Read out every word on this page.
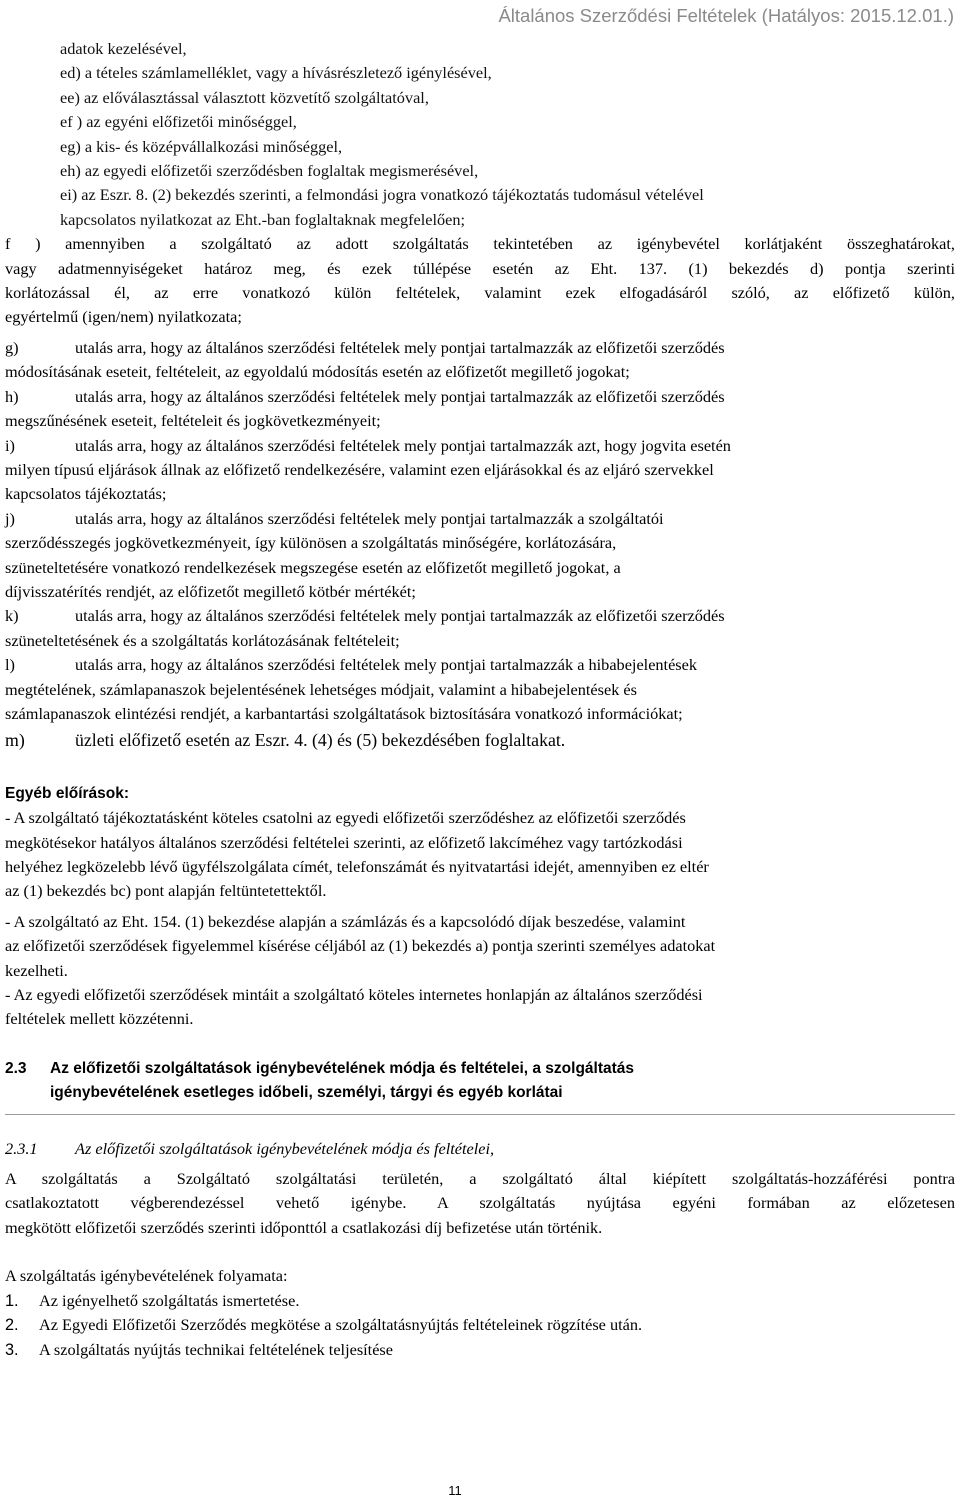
Általános Szerződési Feltételek (Hatályos: 2015.12.01.)
adatok kezelésével,
ed) a tételes számlamelléklet, vagy a hívásrészletező igénylésével,
ee) az előválasztással választott közvetítő szolgáltatóval,
ef ) az egyéni előfizetői minőséggel,
eg) a kis- és középvállalkozási minőséggel,
eh) az egyedi előfizetői szerződésben foglaltak megismerésével,
ei) az Eszr. 8. (2) bekezdés szerinti, a felmondási jogra vonatkozó tájékoztatás tudomásul vételével
kapcsolatos nyilatkozat az Eht.-ban foglaltaknak megfelelően;
f ) amennyiben a szolgáltató az adott szolgáltatás tekintetében az igénybevétel korlátjaként összeghatárokat,
vagy adatmennyiségeket határoz meg, és ezek túllépése esetén az Eht. 137. (1) bekezdés d) pontja szerinti
korlátozással él, az erre vonatkozó külön feltételek, valamint ezek elfogadásáról szóló, az előfizető külön,
egyértelmű (igen/nem) nyilatkozata;
g)	utalás arra, hogy az általános szerződési feltételek mely pontjai tartalmazzák az előfizetői szerződés
módosításának eseteit, feltételeit, az egyoldalú módosítás esetén az előfizetőt megillető jogokat;
h)	utalás arra, hogy az általános szerződési feltételek mely pontjai tartalmazzák az előfizetői szerződés
megszűnésének eseteit, feltételeit és jogkövetkezményeit;
i)	utalás arra, hogy az általános szerződési feltételek mely pontjai tartalmazzák azt, hogy jogvita esetén
milyen típusú eljárások állnak az előfizető rendelkezésére, valamint ezen eljárásokkal és az eljáró szervekkel
kapcsolatos tájékoztatás;
j)	utalás arra, hogy az általános szerződési feltételek mely pontjai tartalmazzák a szolgáltatói
szerződésszegés jogkövetkezményeit, így különösen a szolgáltatás minőségére, korlátozására,
szüneteltetésére vonatkozó rendelkezések megszegése esetén az előfizetőt megillető jogokat, a
díjvisszatérítés rendjét, az előfizetőt megillető kötbér mértékét;
k)	utalás arra, hogy az általános szerződési feltételek mely pontjai tartalmazzák az előfizetői szerződés
szüneteltetésének és a szolgáltatás korlátozásának feltételeit;
l)	utalás arra, hogy az általános szerződési feltételek mely pontjai tartalmazzák a hibabejelentések
megtételének, számlapanaszok bejelentésének lehetséges módjait, valamint a hibabejelentések és
számlapanaszok elintézési rendjét, a karbantartási szolgáltatások biztosítására vonatkozó információkat;
m)	üzleti előfizető esetén az Eszr. 4. (4) és (5) bekezdésében foglaltakat.
Egyéb előírások:
- A szolgáltató tájékoztatásként köteles csatolni az egyedi előfizetői szerződéshez az előfizetői szerződés
megkötésekor hatályos általános szerződési feltételei szerinti, az előfizető lakcíméhez vagy tartózkodási
helyéhez legközelebb lévő ügyfélszolgálata címét, telefonszámát és nyitvatartási idejét, amennyiben ez eltér
az (1) bekezdés bc) pont alapján feltüntetettektől.
- A szolgáltató az Eht. 154. (1) bekezdése alapján a számlázás és a kapcsolódó díjak beszedése, valamint
az előfizetői szerződések figyelemmel kísérése céljából az (1) bekezdés a) pontja szerinti személyes adatokat
kezelheti.
- Az egyedi előfizetői szerződések mintáit a szolgáltató köteles internetes honlapján az általános szerződési
feltételek mellett közzétenni.
2.3 Az előfizetői szolgáltatások igénybevételének módja és feltételei, a szolgáltatás
igénybevételének esetleges időbeli, személyi, tárgyi és egyéb korlátai
2.3.1 Az előfizetői szolgáltatások igénybevételének módja és feltételei,
A szolgáltatás a Szolgáltató szolgáltatási területén, a szolgáltató által kiépített szolgáltatás-hozzáférési pontra
csatlakoztatott végberendezéssel vehető igénybe. A szolgáltatás nyújtása egyéni formában az előzetesen
megkötött előfizetői szerződés szerinti időponttól a csatlakozási díj befizetése után történik.
A szolgáltatás igénybevételének folyamata:
1. Az igényelhető szolgáltatás ismertetése.
2. Az Egyedi Előfizetői Szerződés megkötése a szolgáltatásnyújtás feltételeinek rögzítése után.
3. A szolgáltatás nyújtás technikai feltételének teljesítése
11
